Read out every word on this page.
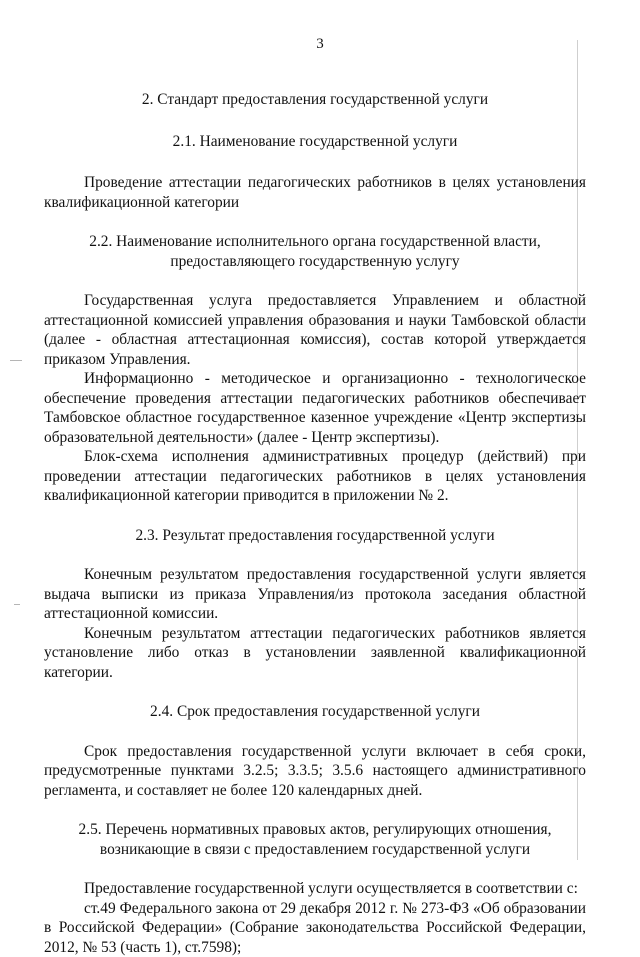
3
2. Стандарт предоставления государственной услуги
2.1. Наименование государственной услуги

Проведение аттестации педагогических работников в целях установления квалификационной категории

2.2. Наименование исполнительного органа государственной власти,
предоставляющего государственную услугу

Государственная услуга предоставляется Управлением и областной аттестационной комиссией управления образования и науки Тамбовской области (далее - областная аттестационная комиссия), состав которой утверждается приказом Управления.

Информационно - методическое и организационно - технологическое обеспечение проведения аттестации педагогических работников обеспечивает Тамбовское областное государственное казенное учреждение «Центр экспертизы образовательной деятельности» (далее - Центр экспертизы).

Блок-схема исполнения административных процедур (действий) при проведении аттестации педагогических работников в целях установления квалификационной категории приводится в приложении № 2.

2.3. Результат предоставления государственной услуги

Конечным результатом предоставления государственной услуги является выдача выписки из приказа Управления/из протокола заседания областной аттестационной комиссии.

Конечным результатом аттестации педагогических работников является установление либо отказ в установлении заявленной квалификационной категории.

2.4. Срок предоставления государственной услуги

Срок предоставления государственной услуги включает в себя сроки, предусмотренные пунктами 3.2.5; 3.3.5; 3.5.6 настоящего административного регламента, и составляет не более 120 календарных дней.

2.5. Перечень нормативных правовых актов, регулирующих отношения,
возникающие в связи с предоставлением государственной услуги

Предоставление государственной услуги осуществляется в соответствии с:

ст.49 Федерального закона от 29 декабря 2012 г. № 273-ФЗ «Об образовании в Российской Федерации» (Собрание законодательства Российской Федерации, 2012, № 53 (часть 1), ст.7598);
